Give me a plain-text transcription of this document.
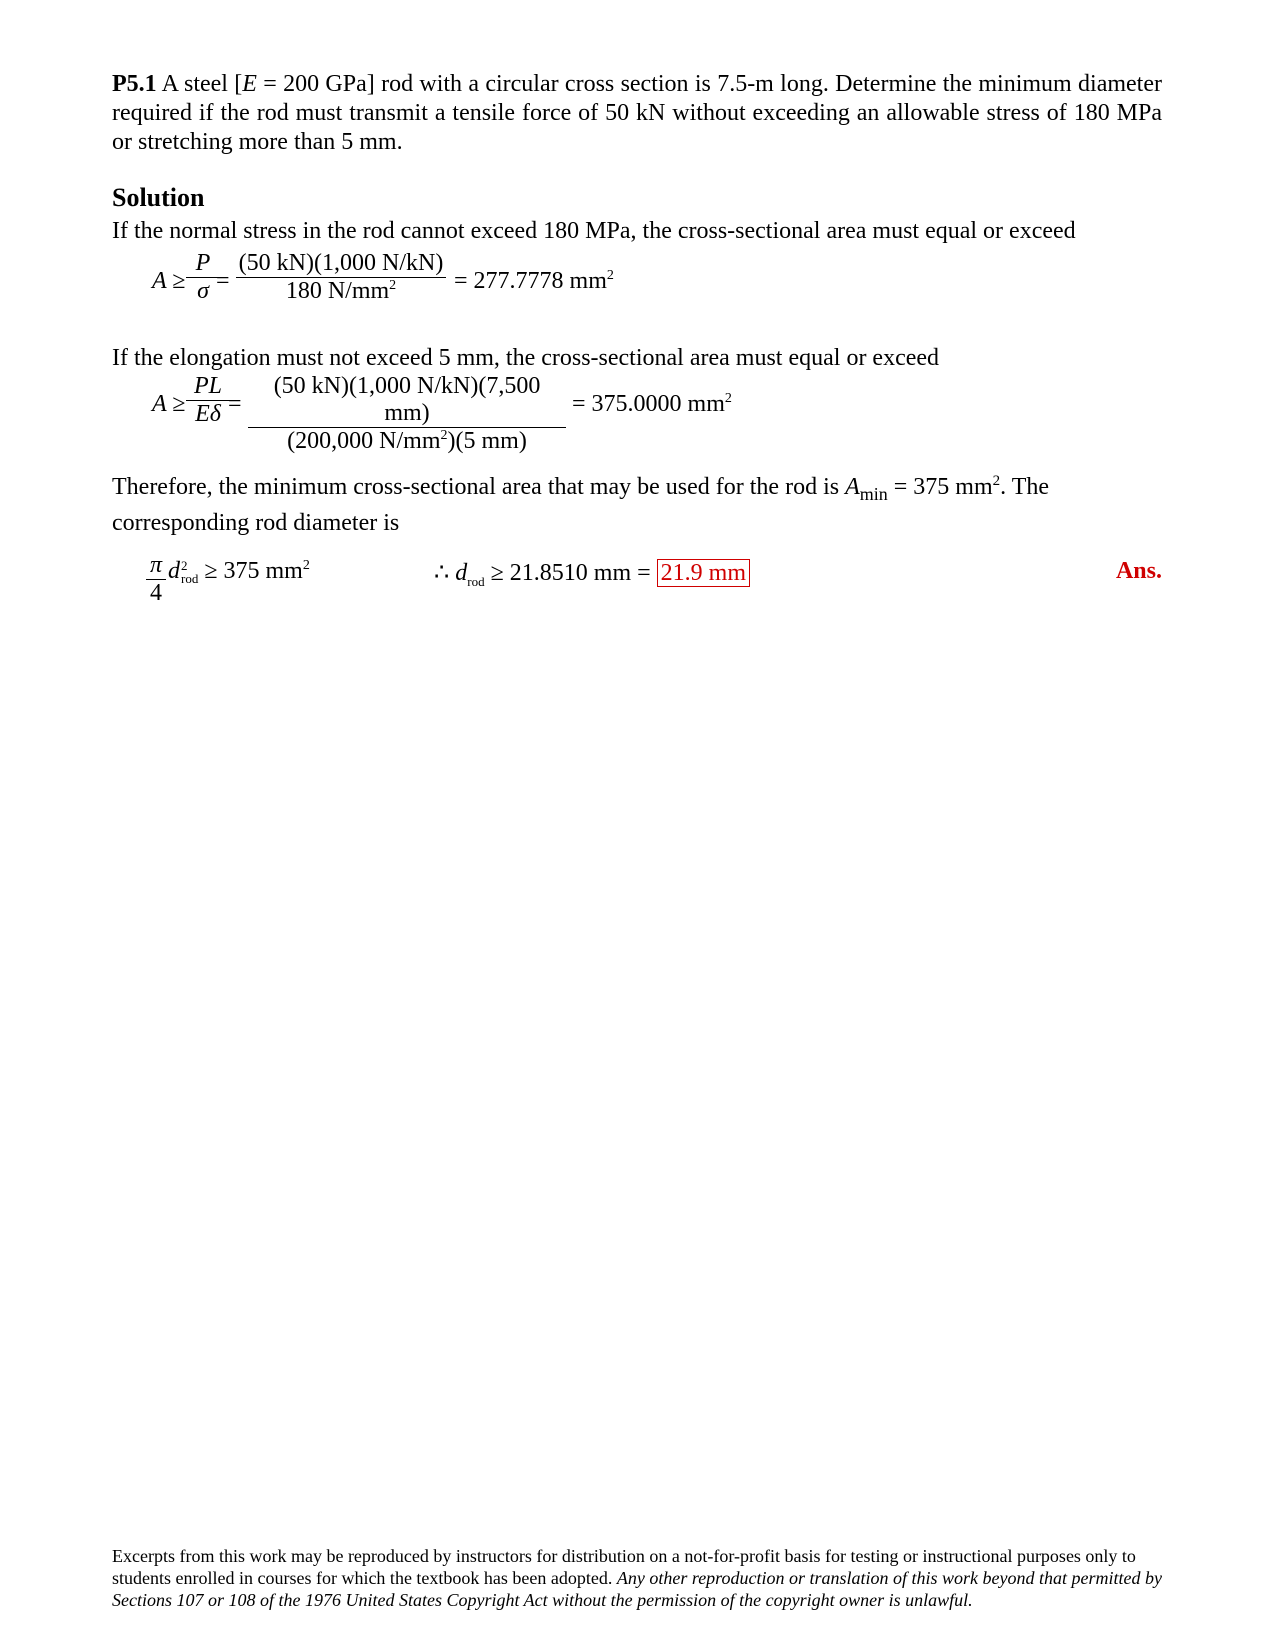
P5.1 A steel [E = 200 GPa] rod with a circular cross section is 7.5-m long. Determine the minimum diameter required if the rod must transmit a tensile force of 50 kN without exceeding an allowable stress of 180 MPa or stretching more than 5 mm.

Solution

If the normal stress in the rod cannot exceed 180 MPa, the cross-sectional area must equal or exceed

A ≥
P
σ =
(50 kN)(1,000 N/kN)
180 $N/mm^2$	= 277.7778 $mm^2$

If the elongation must not exceed 5 mm, the cross-sectional area must equal or exceed

A ≥
PL
Eδ =
(50 kN)(1,000 N/kN)(7,500 mm)
(200,000 $N/mm^2)(5$ mm)
= 375.0000 $mm^2$

Therefore, the minimum cross-sectional area that may be used for the rod is $A_{min} = 375$ $mm^2$. The corresponding rod diameter is

π
4
d 2
rod ≥ 375 $mm^2$	∴ $d_{rod} \ge 21.8510$ mm = 21.9 mm	Ans.
Excerpts from this work may be reproduced by instructors for distribution on a not-for-profit basis for testing or instructional purposes only to students enrolled in courses for which the textbook has been adopted. Any other reproduction or translation of this work beyond that permitted by Sections 107 or 108 of the 1976 United States Copyright Act without the permission of the copyright owner is unlawful.
